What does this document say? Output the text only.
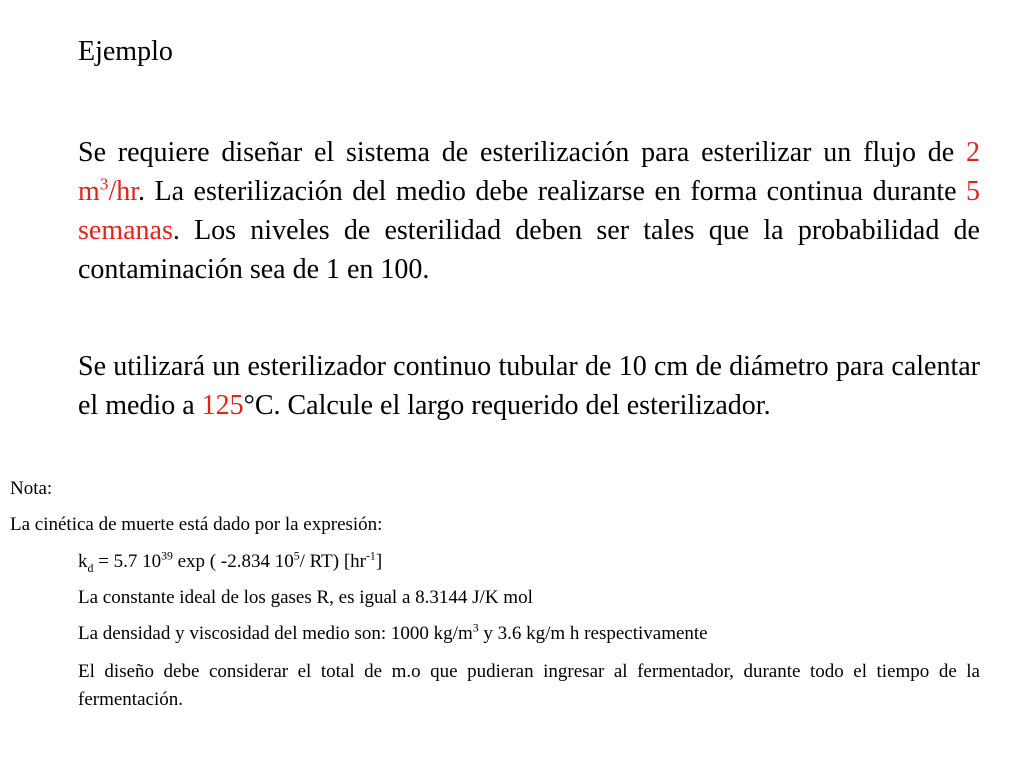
Ejemplo
Se requiere diseñar el sistema de esterilización para esterilizar un flujo de 2 $m^3/hr$. La esterilización del medio debe realizarse en forma continua durante 5 semanas. Los niveles de esterilidad deben ser tales que la probabilidad de contaminación sea de 1 en 100.
Se utilizará un esterilizador continuo tubular de 10 cm de diámetro para calentar el medio a 125°C. Calcule el largo requerido del esterilizador.
Nota:
La cinética de muerte está dado por la expresión:
$k_d = 5.7$ $10^{39}$ exp ( -2.834 $10^5/$ RT) $[hr^{-1}]$
La constante ideal de los gases R, es igual a 8.3144 J/K mol
La densidad y viscosidad del medio son: 1000 $kg/m^3$ y 3.6 kg/m h respectivamente
El diseño debe considerar el total de m.o que pudieran ingresar al fermentador, durante todo el tiempo de la fermentación.
